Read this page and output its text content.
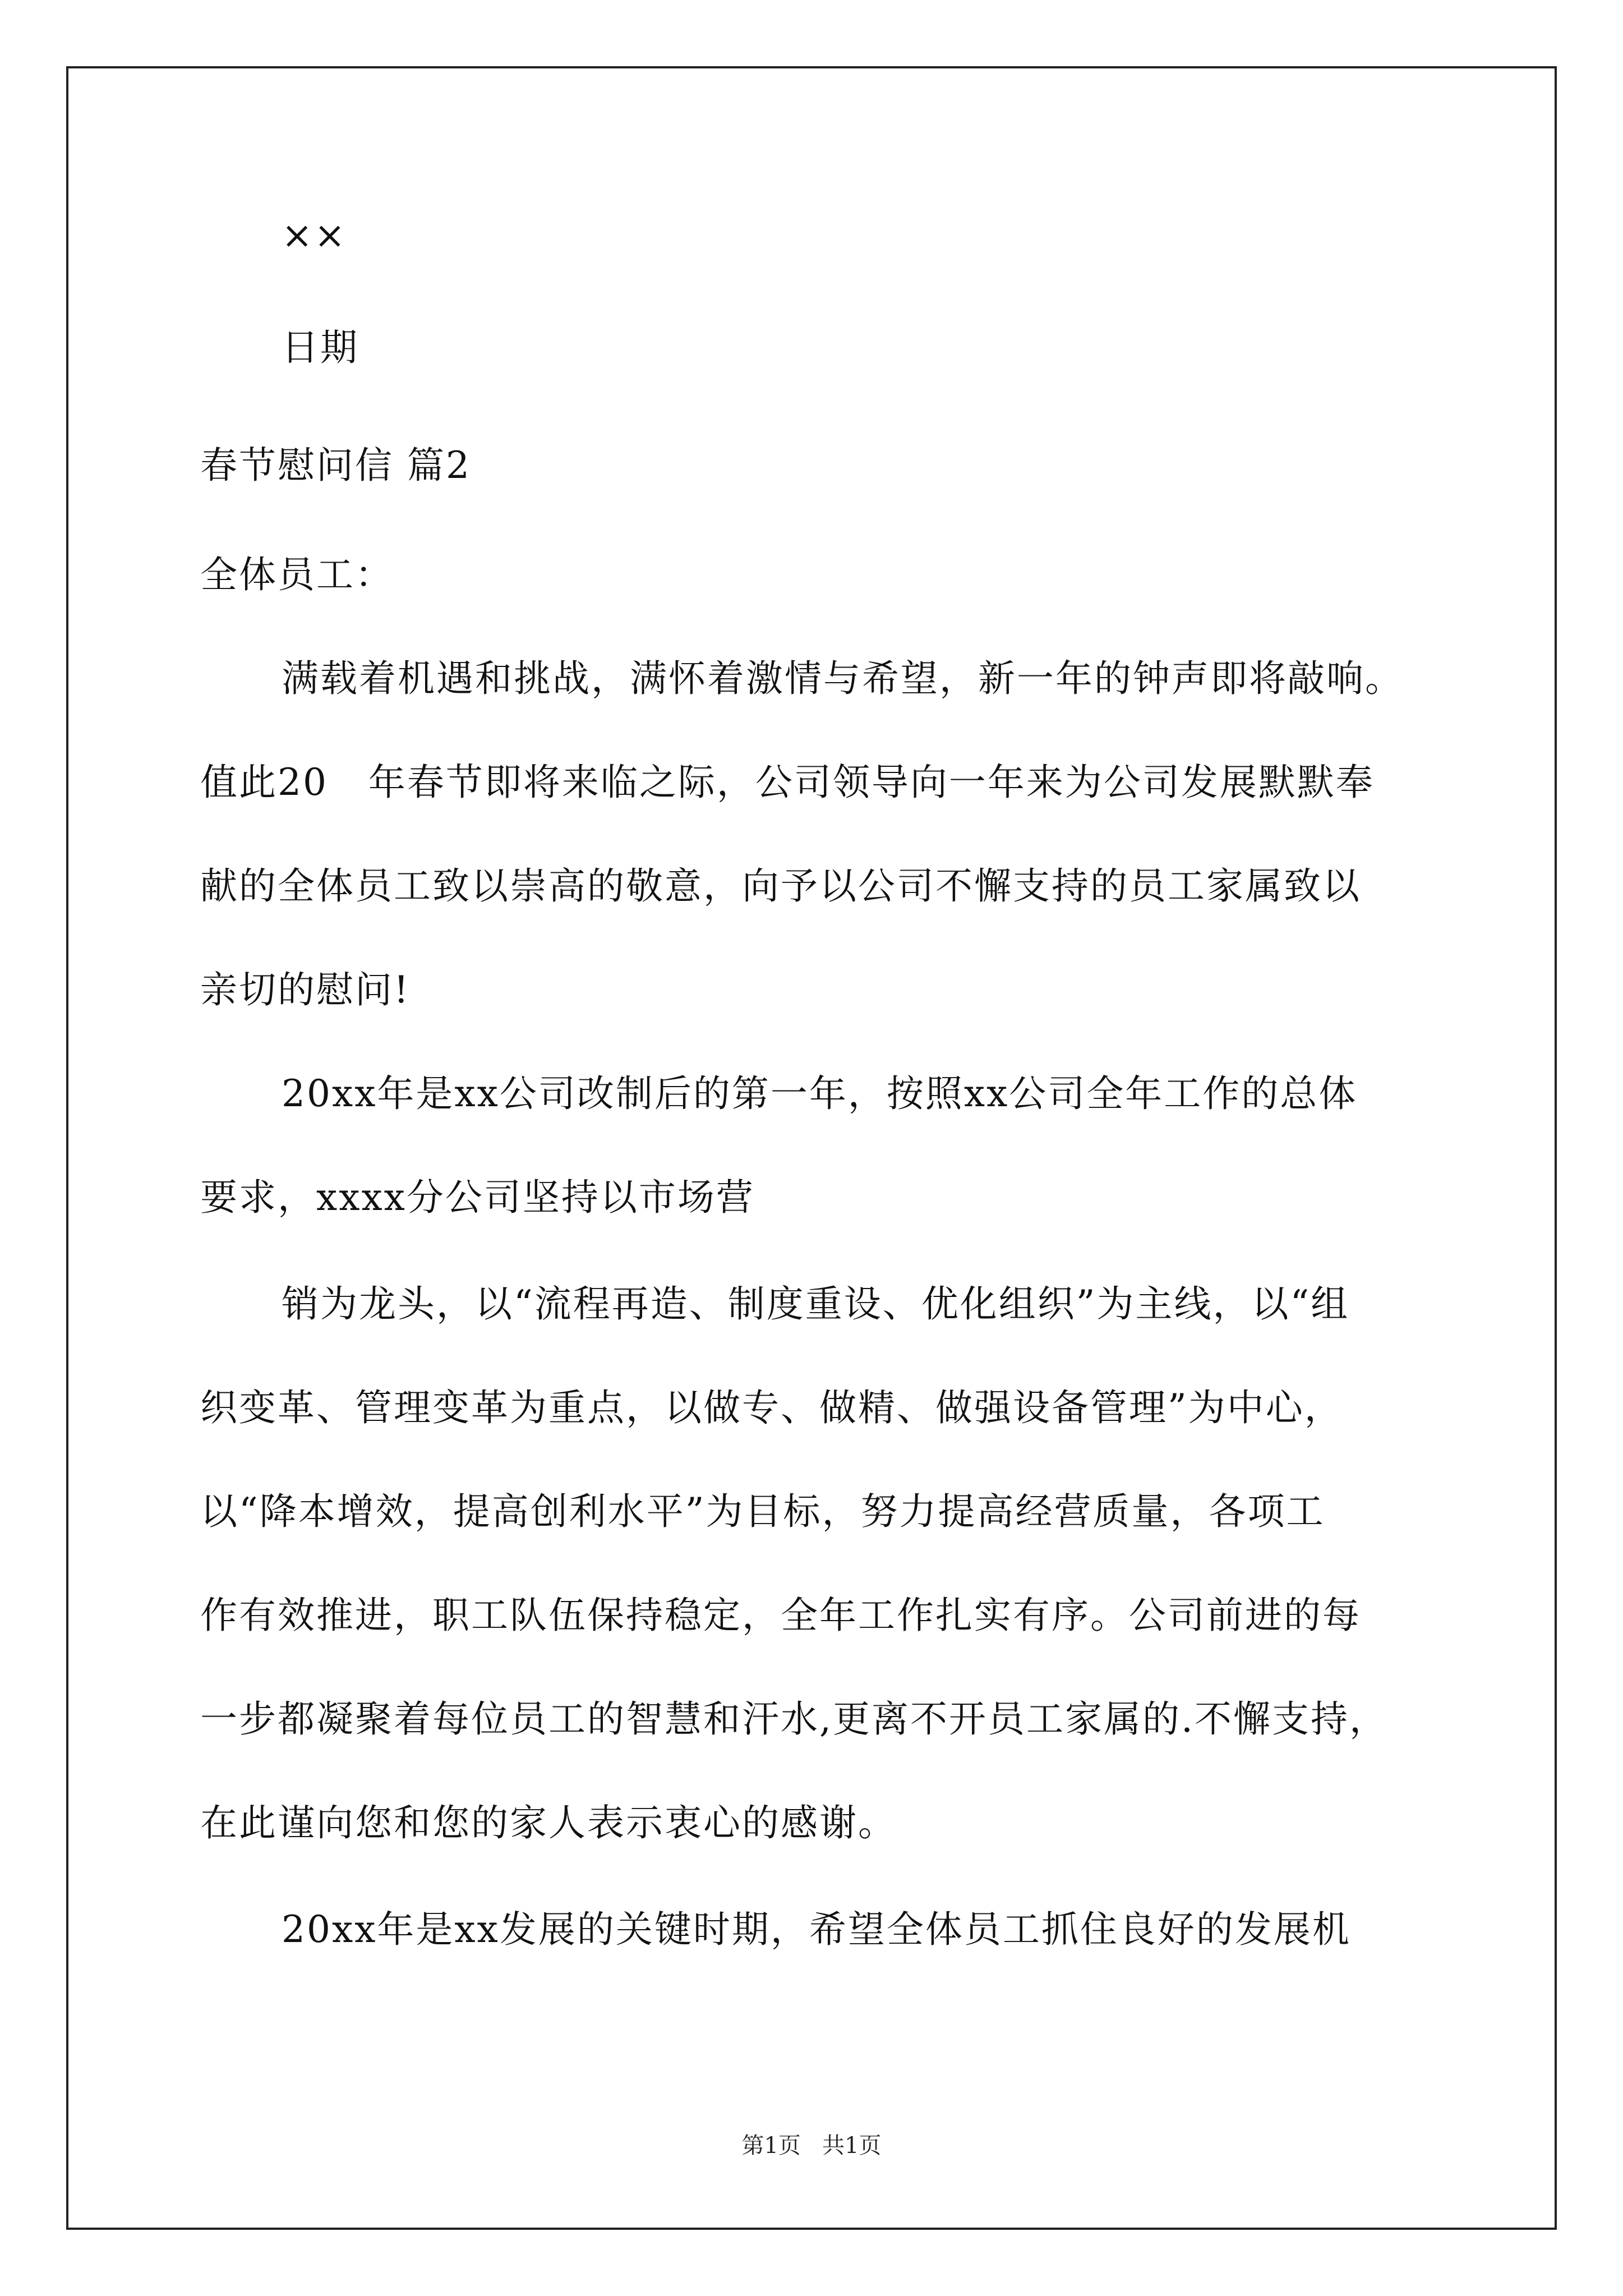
××
日期
春节慰问信 篇2
全体员工：
满载着机遇和挑战，满怀着激情与希望，新一年的钟声即将敲响。
值此20   年春节即将来临之际，公司领导向一年来为公司发展默默奉
献的全体员工致以崇高的敬意，向予以公司不懈支持的员工家属致以
亲切的慰问!
20xx年是xx公司改制后的第一年，按照xx公司全年工作的总体
要求，xxxx分公司坚持以市场营
销为龙头，以“流程再造、制度重设、优化组织”为主线，以“组
织变革、管理变革为重点，以做专、做精、做强设备管理”为中心，
以“降本增效，提高创利水平”为目标，努力提高经营质量，各项工
作有效推进，职工队伍保持稳定，全年工作扎实有序。公司前进的每
一步都凝聚着每位员工的智慧和汗水,更离不开员工家属的.不懈支持，
在此谨向您和您的家人表示衷心的感谢。
20xx年是xx发展的关键时期，希望全体员工抓住良好的发展机
第1页   共1页
